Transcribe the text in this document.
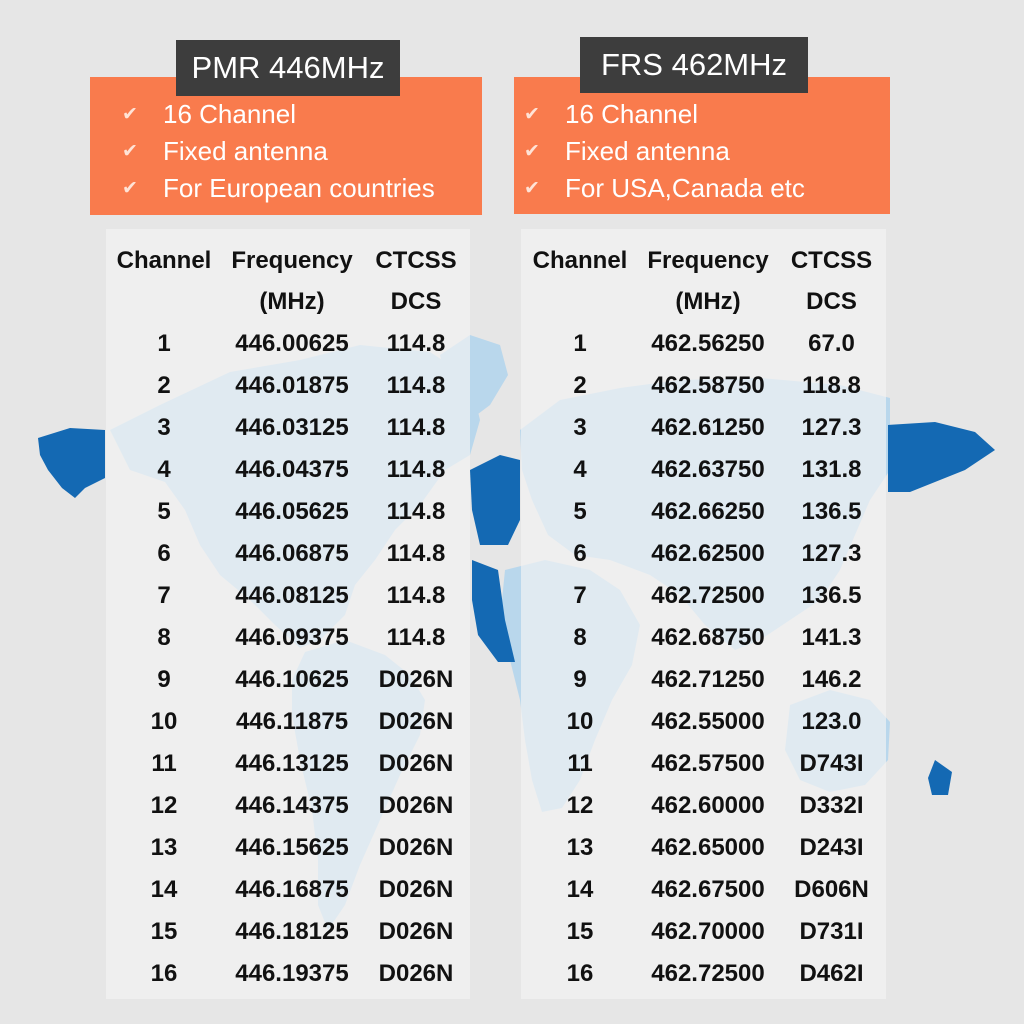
PMR 446MHz
✔ 16 Channel
✔ Fixed antenna
✔ For European countries
Channel	Frequency	CTCSS
	(MHz)	DCS
1	446.00625	114.8
2	446.01875	114.8
3	446.03125	114.8
4	446.04375	114.8
5	446.05625	114.8
6	446.06875	114.8
7	446.08125	114.8
8	446.09375	114.8
9	446.10625	D026N
10	446.11875	D026N
11	446.13125	D026N
12	446.14375	D026N
13	446.15625	D026N
14	446.16875	D026N
15	446.18125	D026N
16	446.19375	D026N
FRS 462MHz
✔ 16 Channel
✔ Fixed antenna
✔ For USA,Canada etc
Channel	Frequency	CTCSS
	(MHz)	DCS
1	462.56250	67.0
2	462.58750	118.8
3	462.61250	127.3
4	462.63750	131.8
5	462.66250	136.5
6	462.62500	127.3
7	462.72500	136.5
8	462.68750	141.3
9	462.71250	146.2
10	462.55000	123.0
11	462.57500	D743I
12	462.60000	D332I
13	462.65000	D243I
14	462.67500	D606N
15	462.70000	D731I
16	462.72500	D462I
